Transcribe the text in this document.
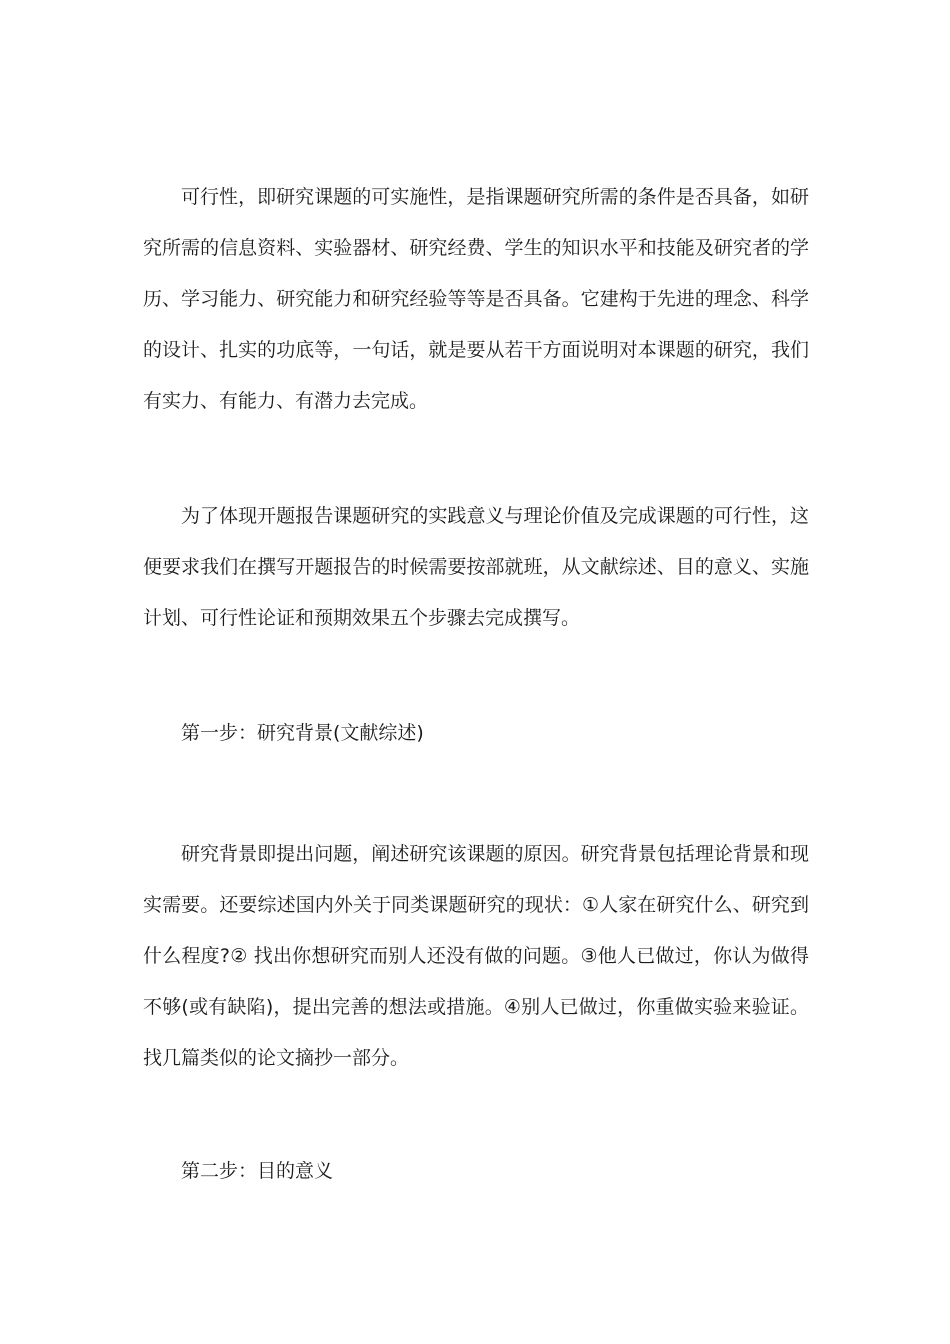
可行性，即研究课题的可实施性，是指课题研究所需的条件是否具备，如研究所需的信息资料、实验器材、研究经费、学生的知识水平和技能及研究者的学历、学习能力、研究能力和研究经验等等是否具备。它建构于先进的理念、科学的设计、扎实的功底等，一句话，就是要从若干方面说明对本课题的研究，我们有实力、有能力、有潜力去完成。

为了体现开题报告课题研究的实践意义与理论价值及完成课题的可行性，这便要求我们在撰写开题报告的时候需要按部就班，从文献综述、目的意义、实施计划、可行性论证和预期效果五个步骤去完成撰写。

第一步：研究背景(文献综述)

研究背景即提出问题，阐述研究该课题的原因。研究背景包括理论背景和现实需要。还要综述国内外关于同类课题研究的现状：①人家在研究什么、研究到什么程度?② 找出你想研究而别人还没有做的问题。③他人已做过，你认为做得不够(或有缺陷)，提出完善的想法或措施。④别人已做过，你重做实验来验证。找几篇类似的论文摘抄一部分。

第二步：目的意义
